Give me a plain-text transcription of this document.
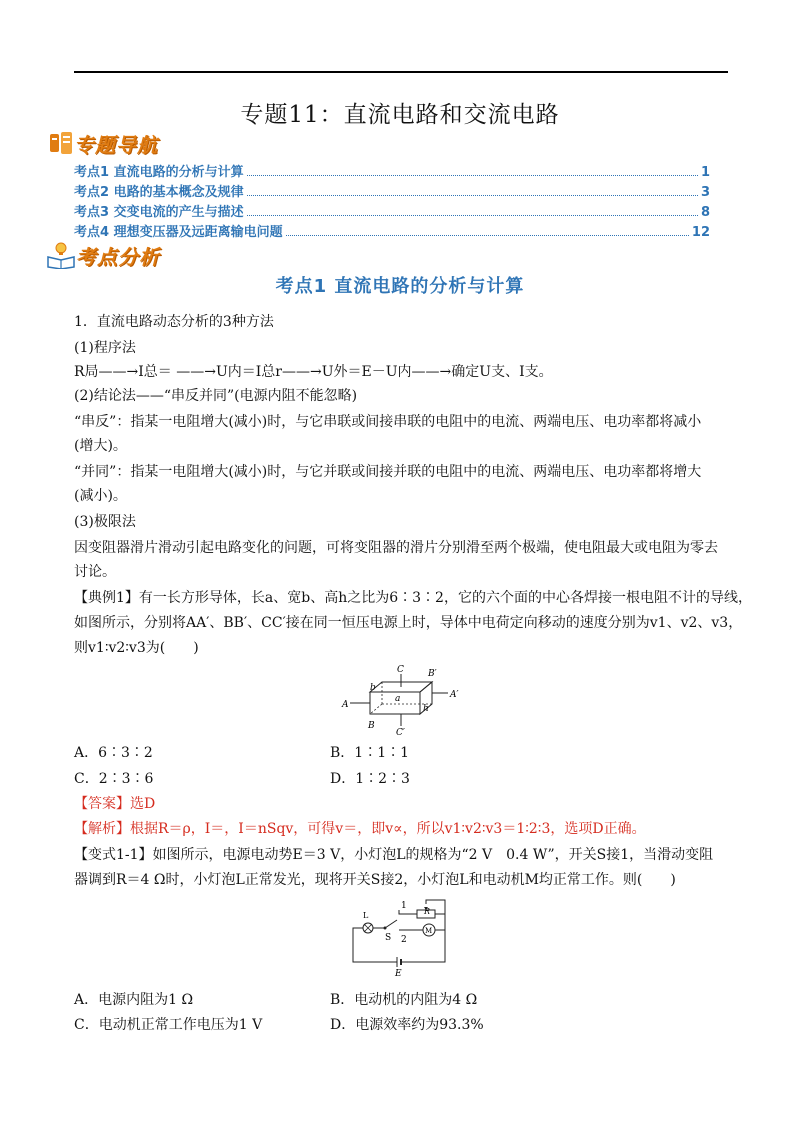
专题11：直流电路和交流电路
专题导航
考点1 直流电路的分析与计算	1
考点2 电路的基本概念及规律	3
考点3 交变电流的产生与描述	8
考点4 理想变压器及远距离输电问题	12
考点分析
考点1 直流电路的分析与计算
1．直流电路动态分析的3种方法
(1)程序法
R局——→I总＝ ——→U内＝I总r——→U外＝E－U内——→确定U支、I支。
(2)结论法——“串反并同”(电源内阻不能忽略)
“串反”：指某一电阻增大(减小)时，与它串联或间接串联的电阻中的电流、两端电压、电功率都将减小
(增大)。
“并同”：指某一电阻增大(减小)时，与它并联或间接并联的电阻中的电流、两端电压、电功率都将增大
(减小)。
(3)极限法
因变阻器滑片滑动引起电路变化的问题，可将变阻器的滑片分别滑至两个极端，使电阻最大或电阻为零去
讨论。
【典例1】有一长方形导体，长a、宽b、高h之比为6∶3∶2，它的六个面的中心各焊接一根电阻不计的导线，
如图所示，分别将AA′、BB′、CC′接在同一恒压电源上时，导体中电荷定向移动的速度分别为v1、v2、v3，
则v1∶v2∶v3为(　　)
A
A′
C
C′
B′
B
a
b
h
A．6∶3∶2	B．1∶1∶1
C．2∶3∶6	D．1∶2∶3
【答案】选D
【解析】根据R＝ρ，I＝，I＝nSqv，可得v＝，即v∝，所以v1∶v2∶v3＝1∶2∶3，选项D正确。
【变式1-1】如图所示，电源电动势E＝3 V，小灯泡L的规格为“2 V　0.4 W”，开关S接1，当滑动变阻
器调到R＝4 Ω时，小灯泡L正常发光，现将开关S接2，小灯泡L和电动机M均正常工作。则(　　)
L
1
2
R
S
M
E
A．电源内阻为1 Ω	B．电动机的内阻为4 Ω
C．电动机正常工作电压为1 V	D．电源效率约为93.3%
